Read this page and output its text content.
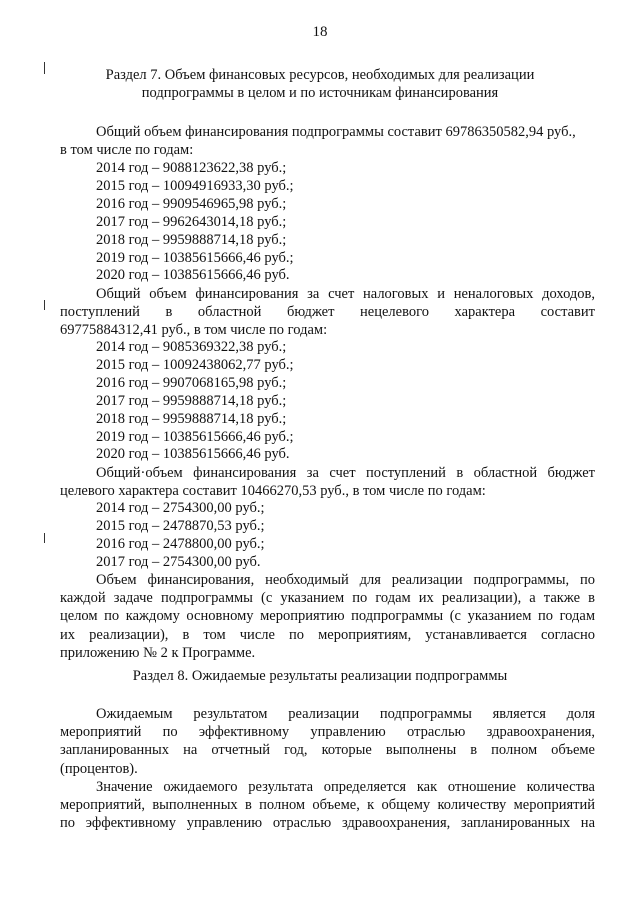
18
Раздел 7. Объем финансовых ресурсов, необходимых для реализации
подпрограммы в целом и по источникам финансирования
Общий объем финансирования подпрограммы составит 69786350582,94 руб.,
в том числе по годам:
2014 год – 9088123622,38 руб.;
2015 год – 10094916933,30 руб.;
2016 год – 9909546965,98 руб.;
2017 год – 9962643014,18 руб.;
2018 год – 9959888714,18 руб.;
2019 год – 10385615666,46 руб.;
2020 год – 10385615666,46 руб.
Общий объем финансирования за счет налоговых и неналоговых доходов,
поступлений в областной бюджет нецелевого характера составит
69775884312,41 руб., в том числе по годам:
2014 год – 9085369322,38 руб.;
2015 год – 10092438062,77 руб.;
2016 год – 9907068165,98 руб.;
2017 год – 9959888714,18 руб.;
2018 год – 9959888714,18 руб.;
2019 год – 10385615666,46 руб.;
2020 год – 10385615666,46 руб.
Общий·объем финансирования за счет поступлений в областной бюджет
целевого характера составит 10466270,53 руб., в том числе по годам:
2014 год – 2754300,00 руб.;
2015 год – 2478870,53 руб.;
2016 год – 2478800,00 руб.;
2017 год – 2754300,00 руб.
Объем финансирования, необходимый для реализации подпрограммы, по
каждой задаче подпрограммы (с указанием по годам их реализации), а также в
целом по каждому основному мероприятию подпрограммы (с указанием по годам
их реализации), в том числе по мероприятиям, устанавливается согласно
приложению № 2 к Программе.
Раздел 8. Ожидаемые результаты реализации подпрограммы
Ожидаемым результатом реализации подпрограммы является доля
мероприятий по эффективному управлению отраслью здравоохранения,
запланированных на отчетный год, которые выполнены в полном объеме
(процентов).
Значение ожидаемого результата определяется как отношение количества
мероприятий, выполненных в полном объеме, к общему количеству мероприятий
по эффективному управлению отраслью здравоохранения, запланированных на
